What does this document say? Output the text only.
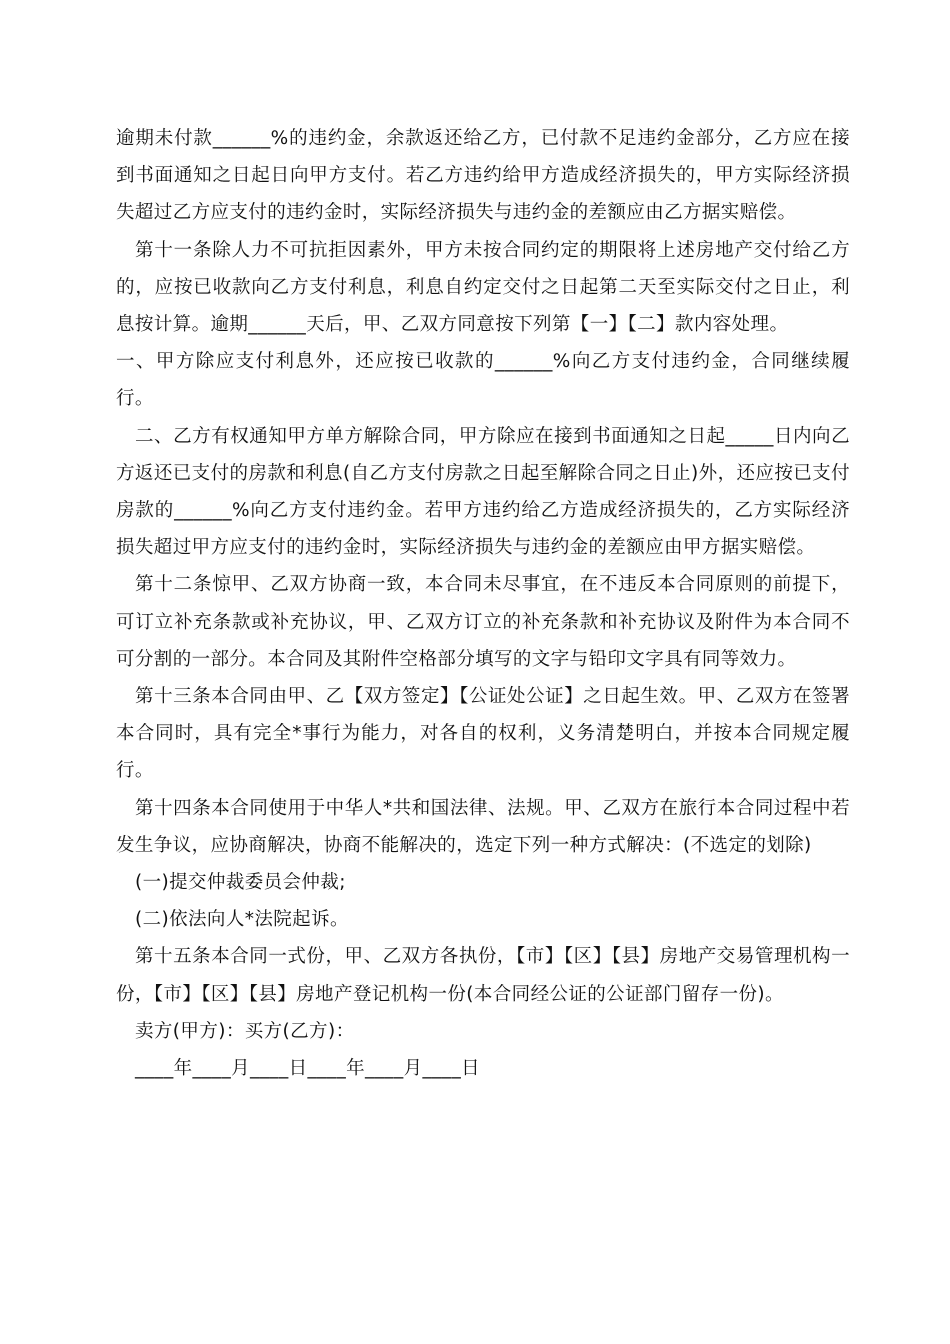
逾期未付款______%的违约金，余款返还给乙方，已付款不足违约金部分，乙方应在接到书面通知之日起日向甲方支付。若乙方违约给甲方造成经济损失的，甲方实际经济损失超过乙方应支付的违约金时，实际经济损失与违约金的差额应由乙方据实赔偿。

第十一条除人力不可抗拒因素外，甲方未按合同约定的期限将上述房地产交付给乙方的，应按已收款向乙方支付利息，利息自约定交付之日起第二天至实际交付之日止，利息按计算。逾期______天后，甲、乙双方同意按下列第【一】【二】款内容处理。

一、甲方除应支付利息外，还应按已收款的______%向乙方支付违约金，合同继续履行。

二、乙方有权通知甲方单方解除合同，甲方除应在接到书面通知之日起_____日内向乙方返还已支付的房款和利息(自乙方支付房款之日起至解除合同之日止)外，还应按已支付房款的______%向乙方支付违约金。若甲方违约给乙方造成经济损失的，乙方实际经济损失超过甲方应支付的违约金时，实际经济损失与违约金的差额应由甲方据实赔偿。

第十二条惊甲、乙双方协商一致，本合同未尽事宜，在不违反本合同原则的前提下，可订立补充条款或补充协议，甲、乙双方订立的补充条款和补充协议及附件为本合同不可分割的一部分。本合同及其附件空格部分填写的文字与铅印文字具有同等效力。

第十三条本合同由甲、乙【双方签定】【公证处公证】之日起生效。甲、乙双方在签署本合同时，具有完全*事行为能力，对各自的权利，义务清楚明白，并按本合同规定履行。

第十四条本合同使用于中华人*共和国法律、法规。甲、乙双方在旅行本合同过程中若发生争议，应协商解决，协商不能解决的，选定下列一种方式解决：(不选定的划除)

(一)提交仲裁委员会仲裁;

(二)依法向人*法院起诉。

第十五条本合同一式份，甲、乙双方各执份，【市】【区】【县】房地产交易管理机构一份，【市】【区】【县】房地产登记机构一份(本合同经公证的公证部门留存一份)。

卖方(甲方)：买方(乙方)：

____年____月____日____年____月____日
